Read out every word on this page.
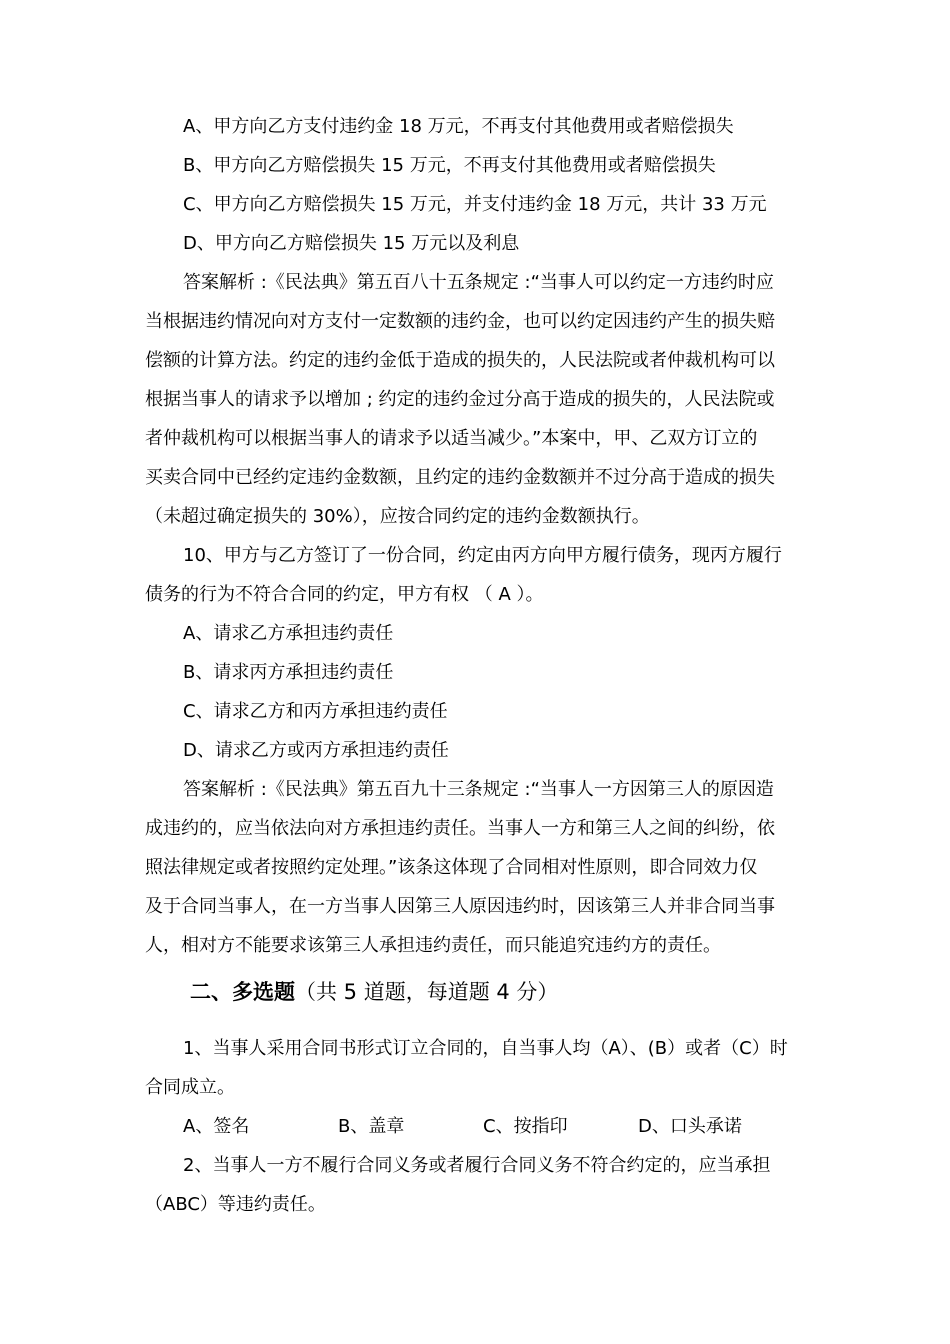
A、甲方向乙方支付违约金 18 万元，不再支付其他费用或者赔偿损失
B、甲方向乙方赔偿损失 15 万元，不再支付其他费用或者赔偿损失
C、甲方向乙方赔偿损失 15 万元，并支付违约金 18 万元，共计 33 万元
D、甲方向乙方赔偿损失 15 万元以及利息
答案解析 :《民法典》第五百八十五条规定 :“当事人可以约定一方违约时应
当根据违约情况向对方支付一定数额的违约金，也可以约定因违约产生的损失赔
偿额的计算方法。约定的违约金低于造成的损失的，人民法院或者仲裁机构可以
根据当事人的请求予以增加 ; 约定的违约金过分高于造成的损失的，人民法院或
者仲裁机构可以根据当事人的请求予以适当减少。”本案中，甲、乙双方订立的
买卖合同中已经约定违约金数额，且约定的违约金数额并不过分高于造成的损失
（未超过确定损失的 30%），应按合同约定的违约金数额执行。
10、甲方与乙方签订了一份合同，约定由丙方向甲方履行债务，现丙方履行
债务的行为不符合合同的约定，甲方有权 （ A ）。
A、请求乙方承担违约责任
B、请求丙方承担违约责任
C、请求乙方和丙方承担违约责任
D、请求乙方或丙方承担违约责任
答案解析 :《民法典》第五百九十三条规定 :“当事人一方因第三人的原因造
成违约的，应当依法向对方承担违约责任。当事人一方和第三人之间的纠纷，依
照法律规定或者按照约定处理。”该条这体现了合同相对性原则，即合同效力仅
及于合同当事人，在一方当事人因第三人原因违约时，因该第三人并非合同当事
人，相对方不能要求该第三人承担违约责任，而只能追究违约方的责任。
二、多选题（共 5 道题，每道题 4 分）
1、当事人采用合同书形式订立合同的，自当事人均（A）、(B）或者（C）时
合同成立。
A、签名	B、盖章	C、按指印	D、口头承诺
2、当事人一方不履行合同义务或者履行合同义务不符合约定的，应当承担
（ABC）等违约责任。
